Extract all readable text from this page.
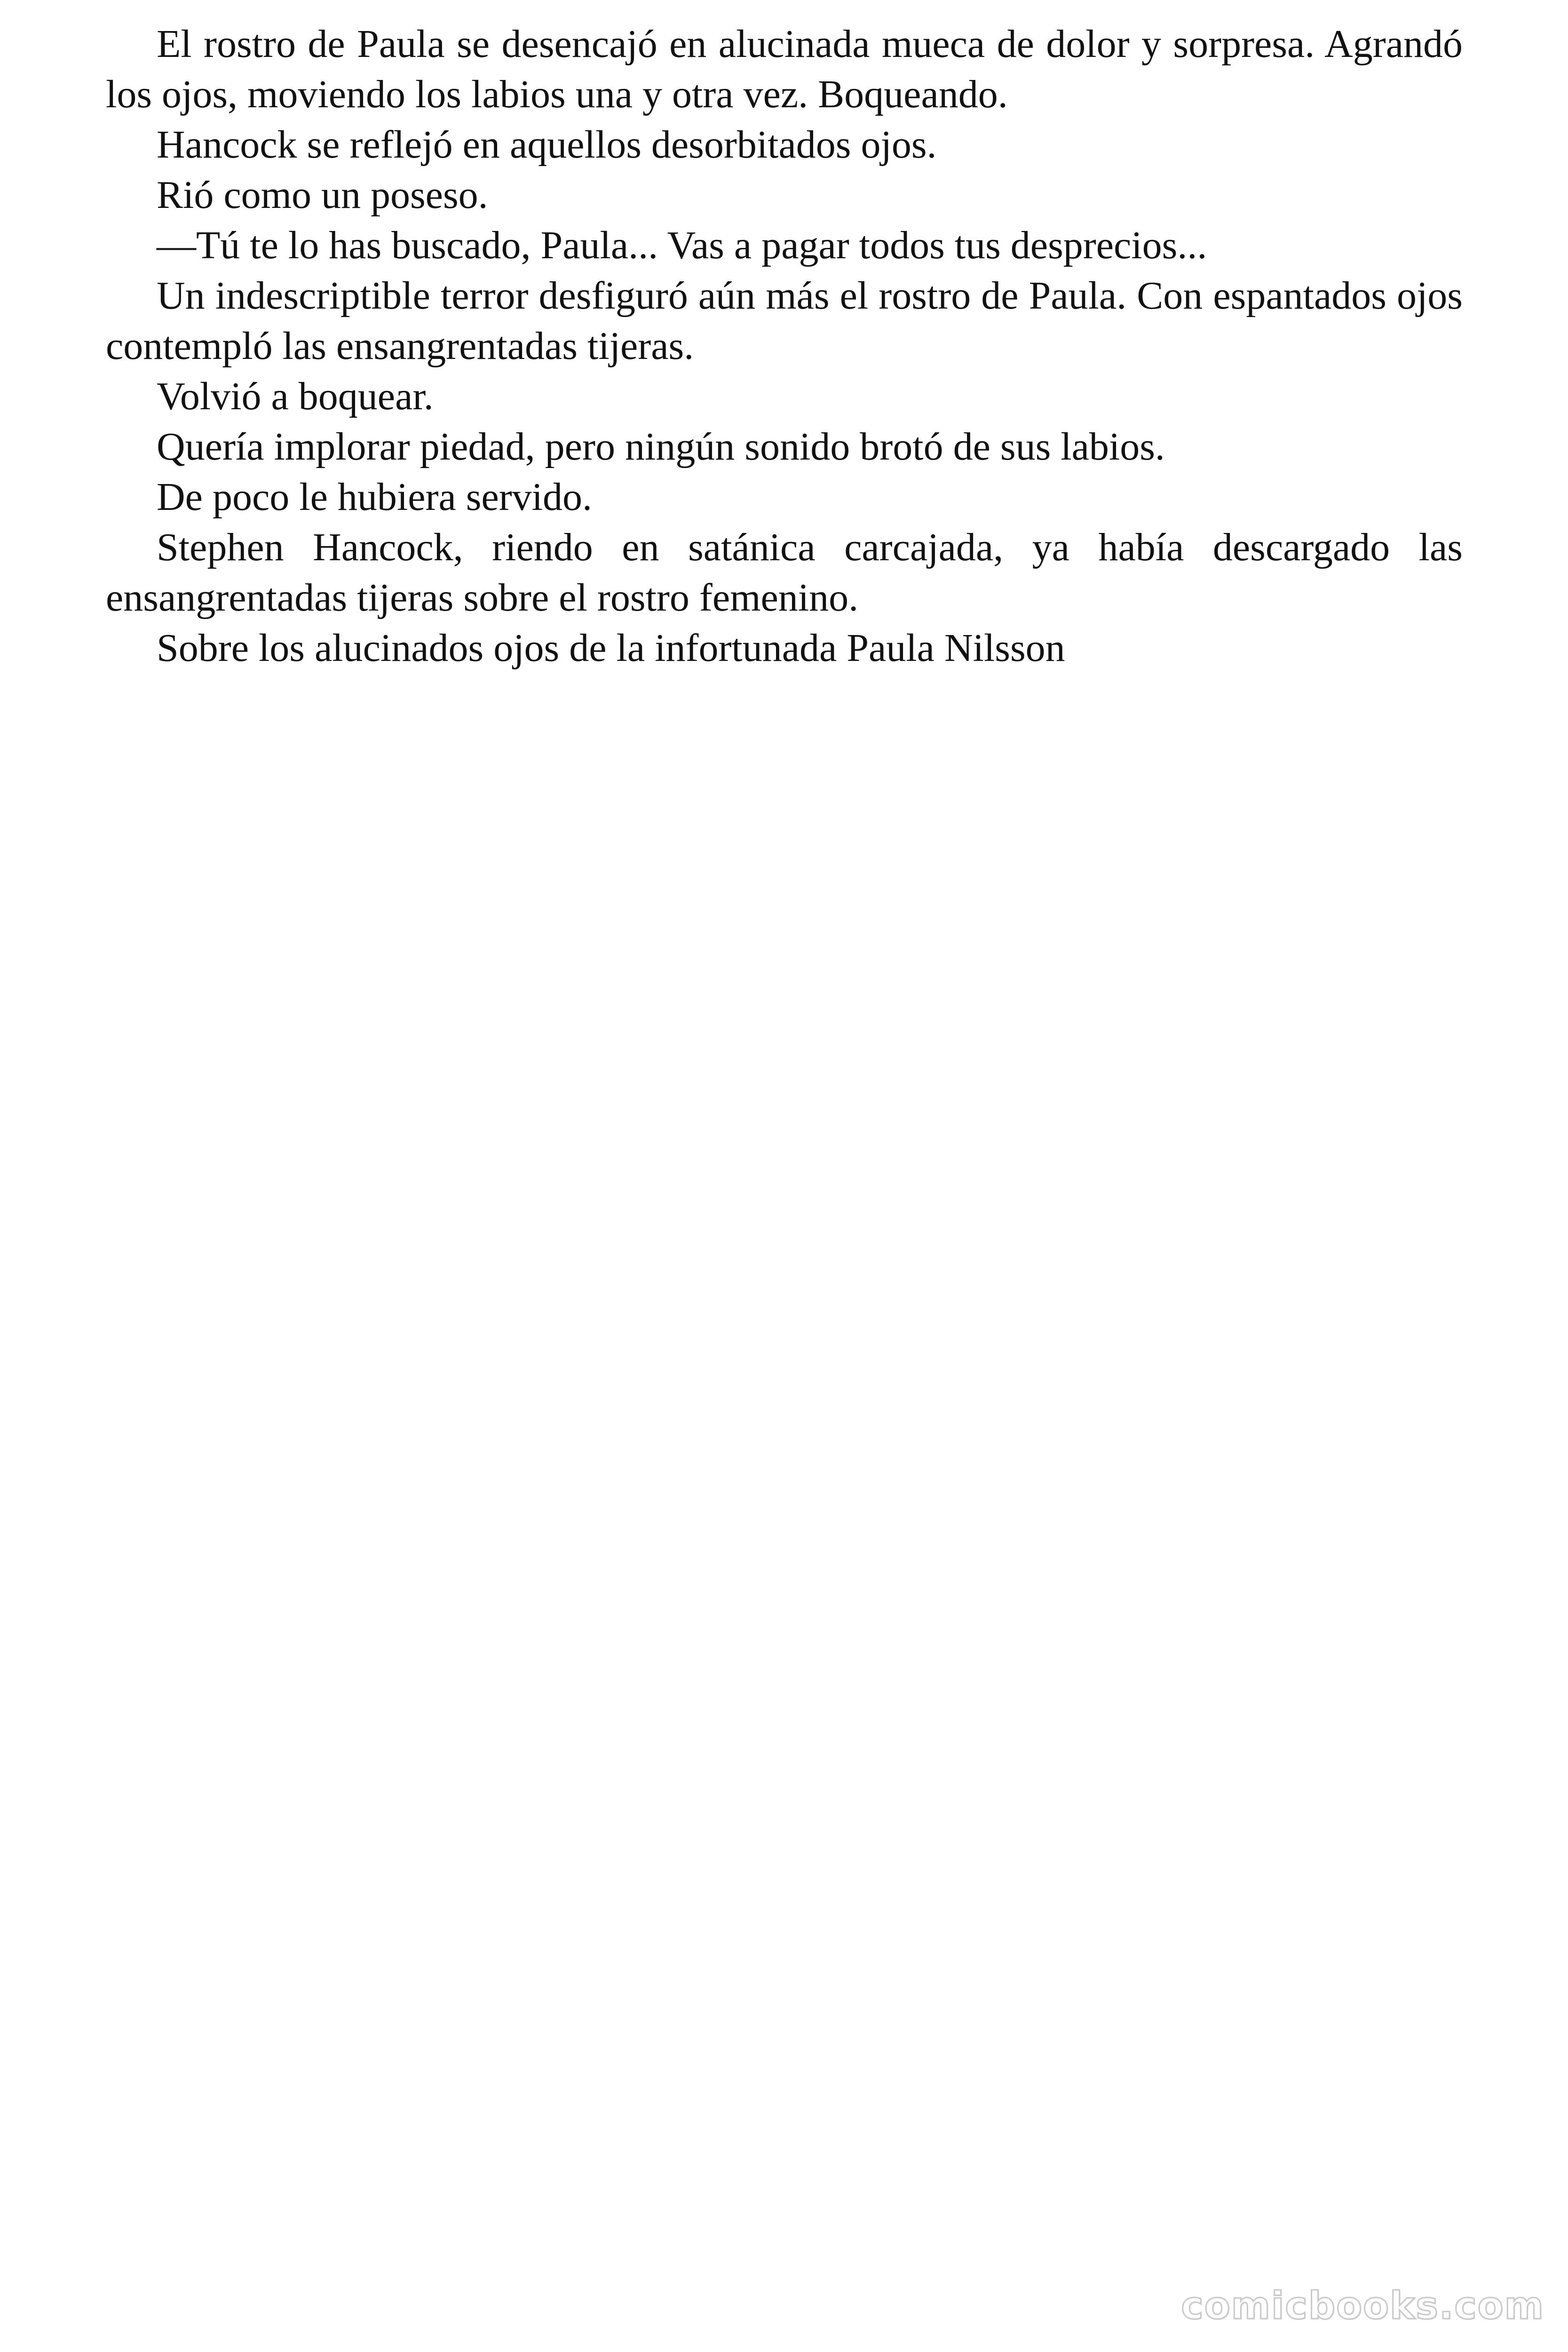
El rostro de Paula se desencajó en alucinada mueca de dolor y sorpresa. Agrandó los ojos, moviendo los labios una y otra vez. Boqueando.

Hancock se reflejó en aquellos desorbitados ojos.

Rió como un poseso.

—Tú te lo has buscado, Paula... Vas a pagar todos tus desprecios...

Un indescriptible terror desfiguró aún más el rostro de Paula. Con espantados ojos contempló las ensangrentadas tijeras.

Volvió a boquear.

Quería implorar piedad, pero ningún sonido brotó de sus labios.

De poco le hubiera servido.

Stephen Hancock, riendo en satánica carcajada, ya había descargado las ensangrentadas tijeras sobre el rostro femenino.

Sobre los alucinados ojos de la infortunada Paula Nilsson

comicbooks.com
